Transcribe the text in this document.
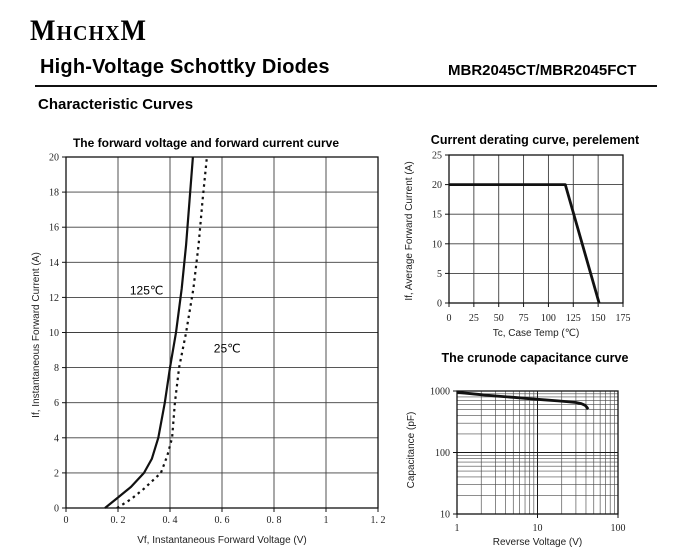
MHCHXM
High-Voltage Schottky Diodes	MBR2045CT/MBR2045FCT
Characteristic Curves
The forward voltage and forward current curve	Current derating curve, perelement
The crunode capacitance curve
Vf, Instantaneous Forward Voltage (V)
If, Instantaneous Forward Current (A)	Tc, Case Temp (℃)
If, Average Forward Current (A)
Reverse Voltage (V)
Capacitance (pF)
0	0. 2	0. 4	0. 6	0. 8	1	1. 2
0
2
4
6
8
10
12
14
16
18
20
125℃
25℃
0 25 50 75 100 125 150 175
0
5
10
15
20
25
1	10	100
10
100
1000
